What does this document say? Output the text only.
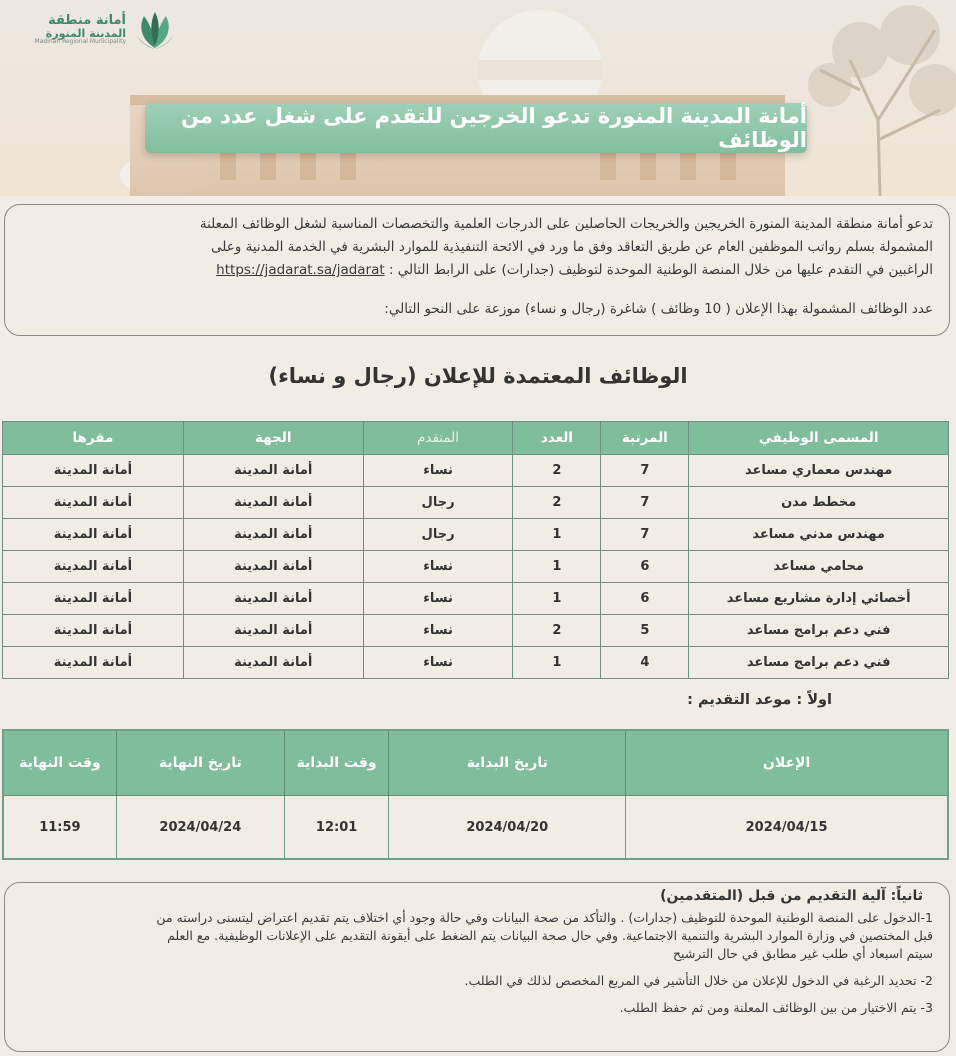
أمانة منطقة
المدينة المنورة
Madinah Regional Municipality
أمانة المدينة المنورة تدعو الخرجين للتقدم على شغل عدد من الوظائف

تدعو أمانة منطقة المدينة المنورة الخريجين والخريجات الحاصلين على الدرجات العلمية والتخصصات المناسبة لشغل الوظائف المعلنة

المشمولة بسلم رواتب الموظفين العام عن طريق التعاقد وفق ما ورد في الائحة التنفيذية للموارد البشرية في الخدمة المدنية وعلى

الراغبين في التقدم عليها من خلال المنصة الوطنية الموحدة لتوظيف (جدارات) على الرابط التالي : https://jadarat.sa/jadarat

عدد الوظائف المشمولة بهذا الإعلان ( 10 وظائف ) شاغرة (رجال و نساء) موزعة على النحو التالي:

الوظائف المعتمدة للإعلان (رجال و نساء)
المسمى الوظيفي	المرتبة	العدد	المتقدم	الجهة	مقرها
مهندس معماري مساعد	7	2	نساء	أمانة المدينة	أمانة المدينة
مخطط مدن	7	2	رجال	أمانة المدينة	أمانة المدينة
مهندس مدني مساعد	7	1	رجال	أمانة المدينة	أمانة المدينة
محامي مساعد	6	1	نساء	أمانة المدينة	أمانة المدينة
أخصائي إدارة مشاريع مساعد	6	1	نساء	أمانة المدينة	أمانة المدينة
فني دعم برامج مساعد	5	2	نساء	أمانة المدينة	أمانة المدينة
فني دعم برامج مساعد	4	1	نساء	أمانة المدينة	أمانة المدينة
اولاً : موعد التقديم :
الإعلان	تاريخ البداية	وقت البداية	تاريخ النهاية	وقت النهاية
2024/04/15	2024/04/20	12:01	2024/04/24	11:59
ثانياً: آلية التقديم من قبل (المتقدمين)

1-الدخول على المنصة الوطنية الموحدة للتوظيف (جدارات) . والتأكد من صحة البيانات وفي حالة وجود أي اختلاف يتم تقديم اعتراض ليتسنى دراسته من
قبل المختصين في وزارة الموارد البشرية والتنمية الاجتماعية. وفي حال صحة البيانات يتم الضغط على أيقونة التقديم على الإعلانات الوظيفية. مع العلم
سيتم اسبعاد أي طلب غير مطابق في حال الترشيح

2- تحديد الرغبة في الدخول للإعلان من خلال التأشير في المربع المخصص لذلك في الطلب.

3- يتم الاختيار من بين الوظائف المعلنة ومن ثم حفظ الطلب.
